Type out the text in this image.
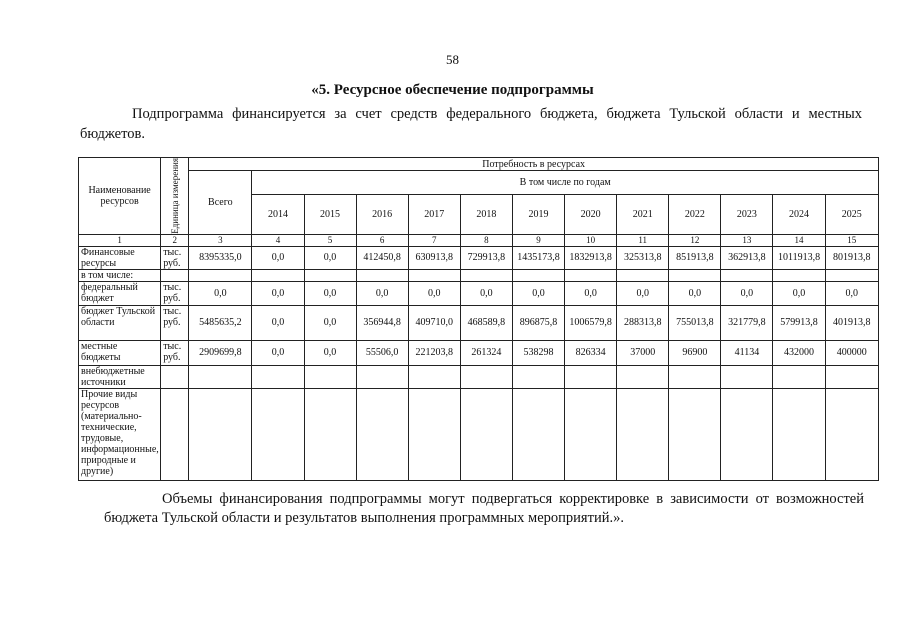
58
«5. Ресурсное обеспечение подпрограммы
Подпрограмма финансируется за счет средств федерального бюджета, бюджета Тульской области и местных бюджетов.
Наименование ресурсов	Единица измерения	Потребность в ресурсах												
		Всего	В том числе по годам											
			2014	2015	2016	2017	2018	2019	2020	2021	2022	2023	2024	2025
1	2	3	4	5	6	7	8	9	10	11	12	13	14	15
Финансовые ресурсы	тыс. руб.	8395335,0	0,0	0,0	412450,8	630913,8	729913,8	1435173,8	1832913,8	325313,8	851913,8	362913,8	1011913,8	801913,8
в том числе:														
федеральный бюджет	тыс. руб.	0,0	0,0	0,0	0,0	0,0	0,0	0,0	0,0	0,0	0,0	0,0	0,0	0,0
бюджет Тульской области	тыс. руб.	5485635,2	0,0	0,0	356944,8	409710,0	468589,8	896875,8	1006579,8	288313,8	755013,8	321779,8	579913,8	401913,8
местные бюджеты	тыс. руб.	2909699,8	0,0	0,0	55506,0	221203,8	261324	538298	826334	37000	96900	41134	432000	400000
внебюджетные источники														
Прочие виды ресурсов (материально-технические, трудовые, информационные, природные и другие)														
Объемы финансирования подпрограммы могут подвергаться корректировке в зависимости от возможностей бюджета Тульской области и результатов выполнения программных мероприятий.».
